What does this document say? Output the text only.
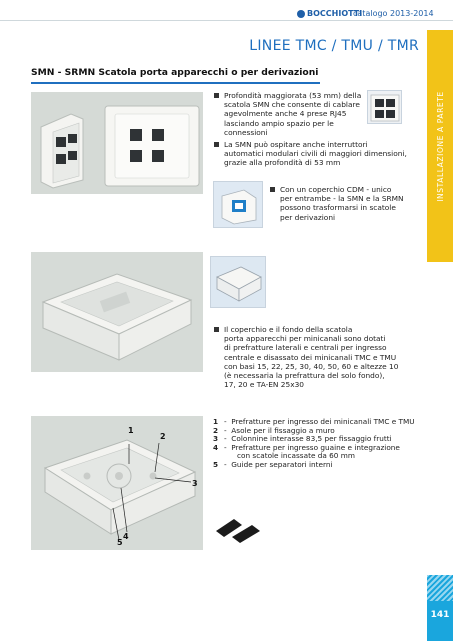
BOCCHIOTTI
catalogo 2013-2014
LINEE TMC / TMU / TMR
INSTALLAZIONE A PARETE
SMN - SRMN Scatola porta apparecchi o per derivazioni
Profondità maggiorata (53 mm) della
scatola SMN che consente di cablare
agevolmente anche 4 prese RJ45
lasciando ampio spazio per le
connessioni
La SMN può ospitare anche interruttori
automatici modulari civili di maggiori dimensioni,
grazie alla profondità di 53 mm
Con un coperchio CDM - unico
per entrambe - la SMN e la SRMN
possono trasformarsi in scatole
per derivazioni
Il coperchio e il fondo della scatola
porta apparecchi per minicanali sono dotati
di prefratture laterali e centrali per ingresso
centrale e disassato dei minicanali TMC e TMU
con basi 15, 22, 25, 30, 40, 50, 60 e altezze 10
(è necessaria la prefrattura del solo fondo),
17, 20 e TA-EN 25x30
1
2
3
4
5
1 - Prefratture per ingresso dei minicanali TMC e TMU
2 - Asole per il fissaggio a muro
3 - Colonnine interasse 83,5 per fissaggio frutti
4 - Prefratture per ingresso guaine e integrazione
con scatole incassate da 60 mm
5 - Guide per separatori interni
141
